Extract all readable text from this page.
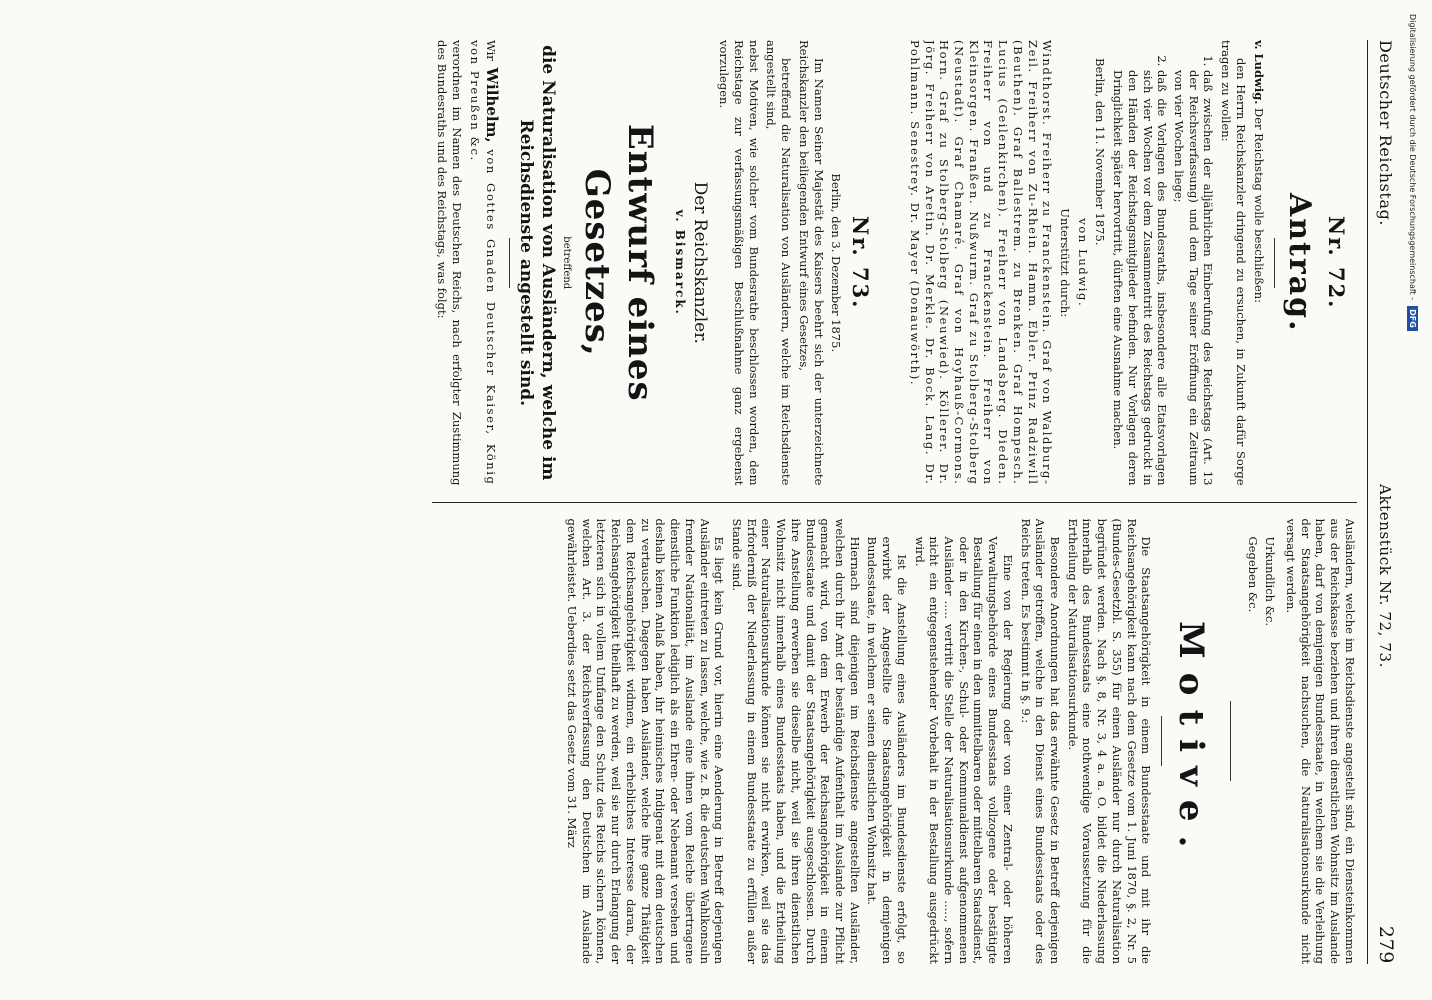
Deutscher Reichstag.
Aktenstück Nr. 72, 73.
279
Nr. 72.
Antrag.

v. Ludwig. Der Reichstag wolle beschließen:

den Herrn Reichskanzler dringend zu ersuchen, in Zukunft dafür Sorge tragen zu wollen:

1. daß zwischen der alljährlichen Einberufung des Reichstags (Art. 13 der Reichsverfassung) und dem Tage seiner Eröffnung ein Zeitraum von vier Wochen liege;
2. daß die Vorlagen des Bundesraths, insbesondere alle Etatsvorlagen sich vier Wochen vor dem Zusammentritt des Reichstags gedruckt in den Händen der Reichstagsmitglieder befinden. Nur Vorlagen deren Dringlichkeit später hervortritt, dürften eine Ausnahme machen.

Berlin, den 11. November 1875.

von Ludwig.

Unterstützt durch:

Windthorst. Freiherr zu Franckenstein. Graf von Waldburg-Zeil. Freiherr von Zu-Rhein. Hamm. Ebler. Prinz Radziwill (Beuthen). Graf Ballestrem. zu Brenken. Graf Hompesch. Lucius (Geilenkirchen). Freiherr von Landsberg. Dieden. Freiherr von und zu Franckenstein. Freiherr von Kleinsorgen. Franßen. Nußwurm. Graf zu Stolberg-Stolberg (Neustadt). Graf Chamaré. Graf von Hoyhauß-Cormons. Horn. Graf zu Stolberg-Stolberg (Neuwied). Köllerer. Dr. Jörg. Freiherr von Aretin. Dr. Merkle. Dr. Bock. Lang. Dr. Pohlmann. Senestrey. Dr. Mayer (Donauwörth).

Nr. 73.

Berlin, den 3. Dezember 1875.

Im Namen Seiner Majestät des Kaisers beehrt sich der unterzeichnete Reichskanzler den beiliegenden Entwurf eines Gesetzes,

betreffend die Naturalisation von Ausländern, welche im Reichsdienste angestellt sind,

nebst Motiven, wie solcher vom Bundesrathe beschlossen worden, dem Reichstage zur verfassungsmäßigen Beschlußnahme ganz ergebenst vorzulegen.

Der Reichskanzler.
v. Bismarck.
Entwurf eines Gesetzes,
betreffend
die Naturalisation von Ausländern, welche im Reichsdienste angestellt sind.

Wir Wilhelm, von Gottes Gnaden Deutscher Kaiser, König von Preußen &c.

verordnen im Namen des Deutschen Reichs, nach erfolgter Zustimmung des Bundesraths und des Reichstags, was folgt:

Ausländern, welche im Reichsdienste angestellt sind, ein Diensteinkommen aus der Reichskasse beziehen und ihren dienstlichen Wohnsitz im Auslande haben, darf von demjenigen Bundesstaate, in welchem sie die Verleihung der Staatsangehörigkeit nachsuchen, die Naturalisationsurkunde nicht versagt werden.

Urkundlich &c.

Gegeben &c.

Motive.

Die Staatsangehörigkeit in einem Bundesstaate und mit ihr die Reichsangehörigkeit kann nach dem Gesetze vom 1. Juni 1870, §. 2, Nr. 5 (Bundes-Gesetzbl. S. 355) für einen Ausländer nur durch Naturalisation begründet werden. Nach §. 8, Nr. 3, 4 a. a. O. bildet die Niederlassung innerhalb des Bundesstaats eine nothwendige Voraussetzung für die Ertheilung der Naturalisationsurkunde.

Besondere Anordnungen hat das erwähnte Gesetz in Betreff derjenigen Ausländer getroffen, welche in den Dienst eines Bundesstaats oder des Reichs treten. Es bestimmt in §. 9.:

Eine von der Regierung oder von einer Zentral- oder höheren Verwaltungsbehörde eines Bundesstaats vollzogene oder bestätigte Bestallung für einen in den unmittelbaren oder mittelbaren Staatsdienst, oder in den Kirchen-, Schul- oder Kommunaldienst aufgenommenen Ausländer ..... vertritt die Stelle der Naturalisationsurkunde ....., sofern nicht ein entgegenstehender Vorbehalt in der Bestallung ausgedrückt wird.

Ist die Anstellung eines Ausländers im Bundesdienste erfolgt, so erwirbt der Angestellte die Staatsangehörigkeit in demjenigen Bundesstaate, in welchem er seinen dienstlichen Wohnsitz hat.

Hiernach sind diejenigen im Reichsdienste angestellten Ausländer, welchen durch ihr Amt der beständige Aufenthalt im Auslande zur Pflicht gemacht wird, von dem Erwerb der Reichsangehörigkeit in einem Bundesstaate und damit der Staatsangehörigkeit ausgeschlossen. Durch ihre Anstellung erwerben sie dieselbe nicht, weil sie ihren dienstlichen Wohnsitz nicht innerhalb eines Bundesstaats haben, und die Ertheilung einer Naturalisationsurkunde können sie nicht erwirken, weil sie das Erforderniß der Niederlassung in einem Bundesstaate zu erfüllen außer Stande sind.

Es liegt kein Grund vor, hierin eine Aenderung in Betreff derjenigen Ausländer eintreten zu lassen, welche, wie z. B. die deutschen Wahlkonsuln fremder Nationalität, im Auslande eine ihnen vom Reiche übertragene dienstliche Funktion lediglich als ein Ehren- oder Nebenamt versehen und deshalb keinen Anlaß haben, ihr heimisches Indigenat mit dem deutschen zu vertauschen. Dagegen haben Ausländer, welche ihre ganze Thätigkeit dem Reichsangehörigkeit widmen, ein erhebliches Interesse daran, der Reichsangehörigkeit theilhaft zu werden, weil sie nur durch Erlangung der letzteren sich in vollem Umfange den Schutz des Reichs sichern können, welchen Art. 3. der Reichsverfassung den Deutschen im Auslande gewährleistet. Ueberdies setzt das Gesetz vom 31. März

Digitalisierung gefördert durch die Deutsche Forschungsgemeinschaft -
DFG
